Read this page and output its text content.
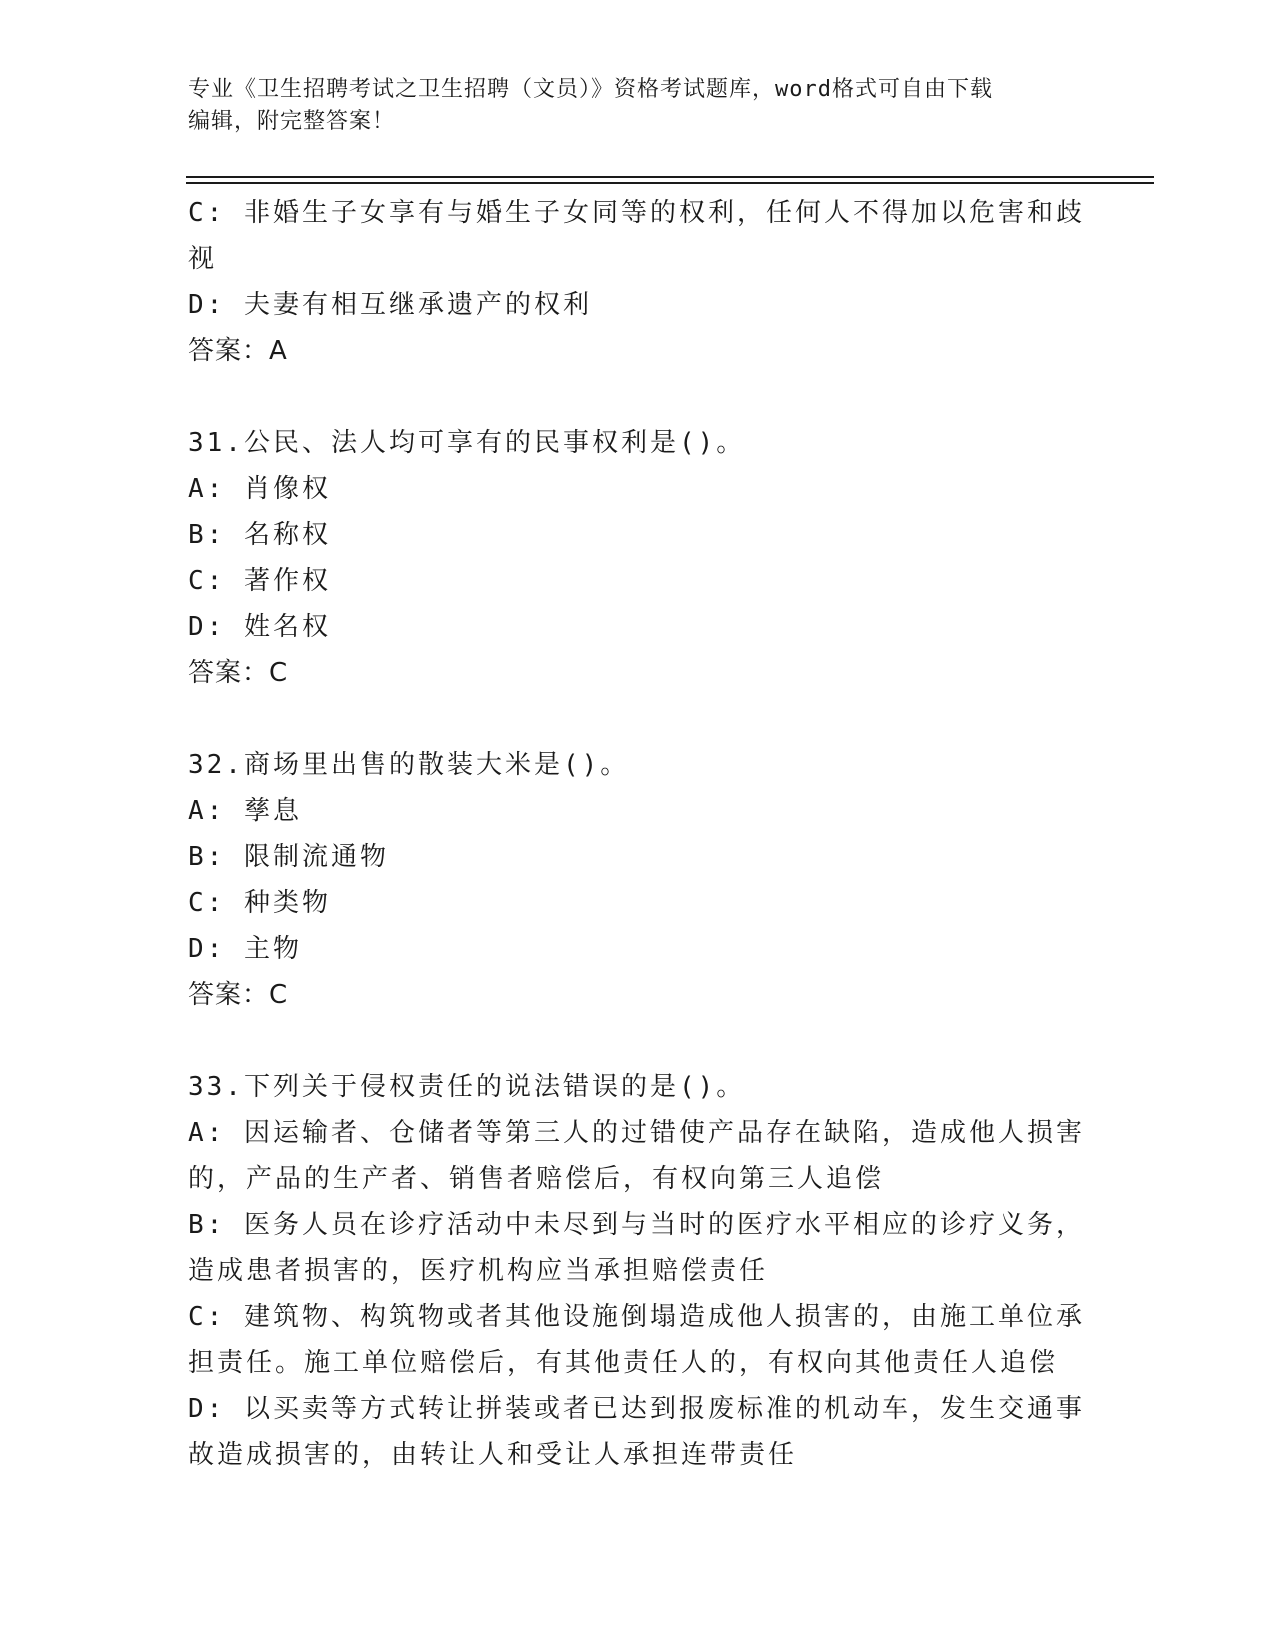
专业《卫生招聘考试之卫生招聘（文员）》资格考试题库，word格式可自由下载
编辑，附完整答案！
C: 非婚生子女享有与婚生子女同等的权利，任何人不得加以危害和歧
视
D: 夫妻有相互继承遗产的权利
答案：A
31.公民、法人均可享有的民事权利是()。
A: 肖像权
B: 名称权
C: 著作权
D: 姓名权
答案：C
32.商场里出售的散装大米是()。
A: 孳息
B: 限制流通物
C: 种类物
D: 主物
答案：C
33.下列关于侵权责任的说法错误的是()。
A: 因运输者、仓储者等第三人的过错使产品存在缺陷，造成他人损害
的，产品的生产者、销售者赔偿后，有权向第三人追偿
B: 医务人员在诊疗活动中未尽到与当时的医疗水平相应的诊疗义务，
造成患者损害的，医疗机构应当承担赔偿责任
C: 建筑物、构筑物或者其他设施倒塌造成他人损害的，由施工单位承
担责任。施工单位赔偿后，有其他责任人的，有权向其他责任人追偿
D: 以买卖等方式转让拼装或者已达到报废标准的机动车，发生交通事
故造成损害的，由转让人和受让人承担连带责任
